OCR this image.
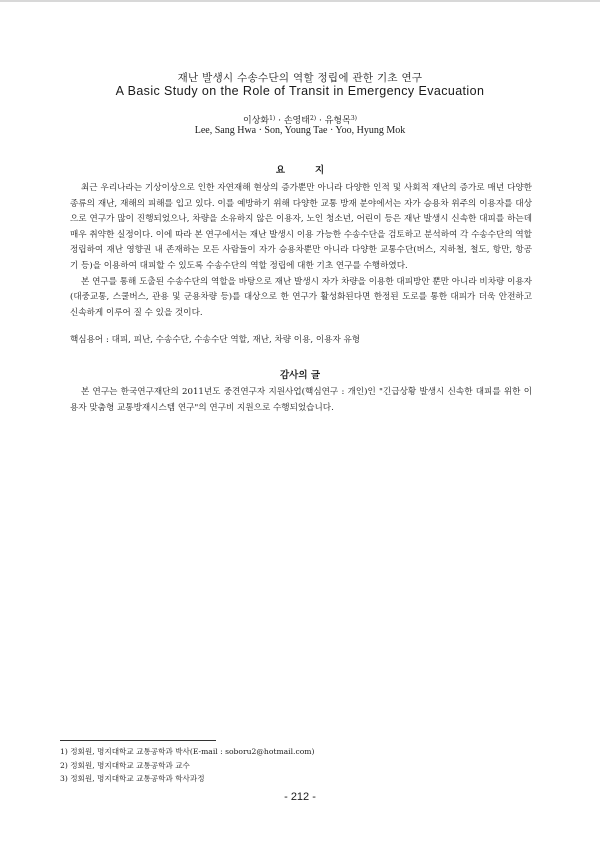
재난 발생시 수송수단의 역할 정립에 관한 기초 연구
A Basic Study on the Role of Transit in Emergency Evacuation
이상화$^{1)}$ · 손영태$^{2)}$ · 유형목$^{3)}$
Lee, Sang Hwa · Son, Young Tae · Yoo, Hyung Mok
요지

최근 우리나라는 기상이상으로 인한 자연재해 현상의 증가뿐만 아니라 다양한 인적 및 사회적 재난의 증가로 매년 다양한 종류의 재난, 재해의 피해를 입고 있다. 이를 예방하기 위해 다양한 교통 방재 분야에서는 자가 승용차 위주의 이용자를 대상으로 연구가 많이 진행되었으나, 차량을 소유하지 않은 이용자, 노인 청소년, 어린이 등은 재난 발생시 신속한 대피를 하는데 매우 취약한 실정이다. 이에 따라 본 연구에서는 재난 발생시 이용 가능한 수송수단을 검토하고 분석하여 각 수송수단의 역할 정립하여 재난 영향권 내 존재하는 모든 사람들이 자가 승용차뿐만 아니라 다양한 교통수단(버스, 지하철, 철도, 항만, 항공기 등)을 이용하여 대피할 수 있도록 수송수단의 역할 정립에 대한 기초 연구를 수행하였다.

본 연구를 통해 도출된 수송수단의 역할을 바탕으로 재난 발생시 자가 차량을 이용한 대피방안 뿐만 아니라 비차량 이용자(대중교통, 스쿨버스, 관용 및 군용차량 등)를 대상으로 한 연구가 활성화된다면 한정된 도로를 통한 대피가 더욱 안전하고 신속하게 이루어 질 수 있을 것이다.

핵심용어 : 대피, 피난, 수송수단, 수송수단 역할, 재난, 차량 이용, 이용자 유형
감사의 글

본 연구는 한국연구재단의 2011년도 중견연구자 지원사업(핵심연구 : 개인)인 "긴급상황 발생시 신속한 대피를 위한 이용자 맞춤형 교통방재시스템 연구"의 연구비 지원으로 수행되었습니다.

1) 정회원, 명지대학교 교통공학과 박사(E-mail : soboru2@hotmail.com)
2) 정회원, 명지대학교 교통공학과 교수
3) 정회원, 명지대학교 교통공학과 학사과정
- 212 -
